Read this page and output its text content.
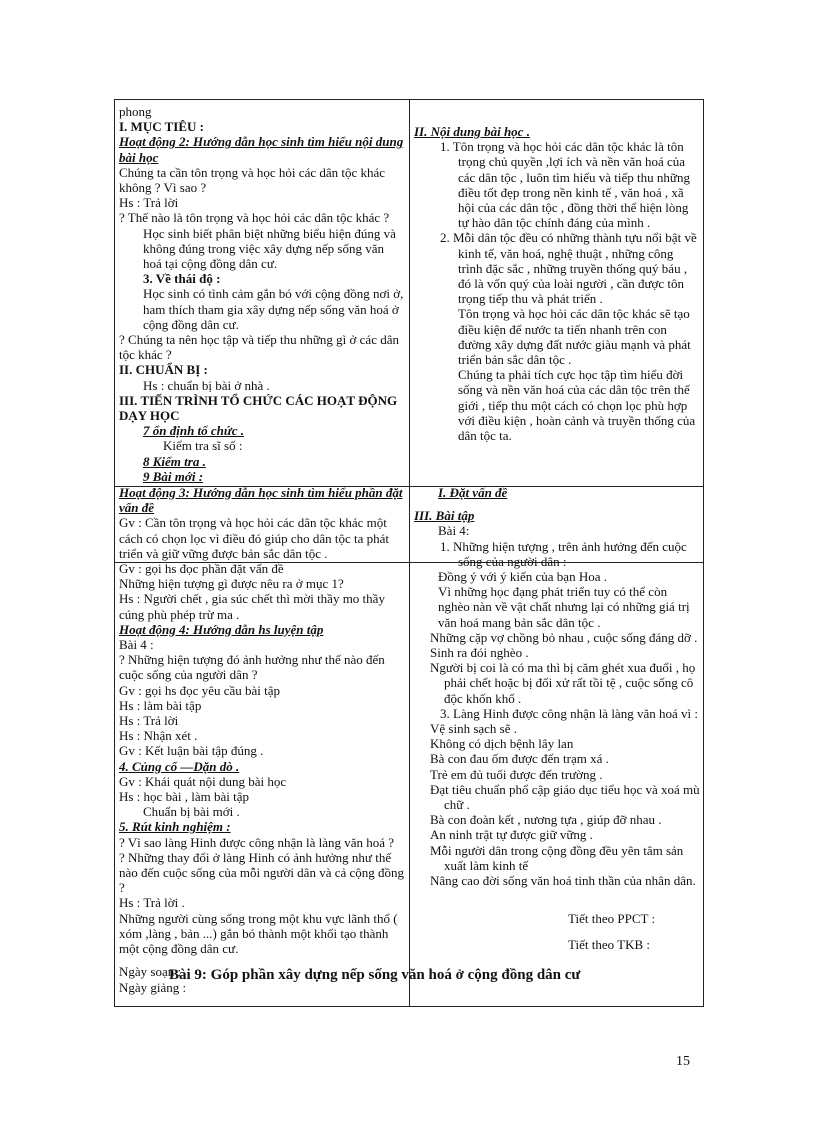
phong

I. MỤC TIÊU :

Hoạt động 2: Hướng dẫn học sinh tìm hiểu nội dung bài học

Chúng ta cần tôn trọng và học hỏi các dân tộc khác không ? Vì sao ?

Hs : Trả lời

? Thế nào là tôn trọng và học hỏi các dân tộc khác ?

Học sinh biết phân biệt những biểu hiện đúng và không đúng trong việc xây dựng nếp sống văn hoá tại cộng đồng dân cư.

3. Về thái độ :

Học sinh có tình cảm gắn bó với cộng đồng nơi ở, ham thích tham gia xây dựng nếp sống văn hoá ở cộng đồng dân cư.

? Chúng ta nên học tập và tiếp thu những gì ở các dân tộc khác ?

II. CHUẨN BỊ :

Hs : chuẩn bị bài ở nhà .

III. TIẾN TRÌNH TỔ CHỨC CÁC HOẠT ĐỘNG DẠY HỌC

7 ổn định tổ chức .

Kiểm tra sĩ số :

8 Kiểm tra .

9 Bài mới :

II. Nội dung bài học .

1. Tôn trọng và học hỏi các dân tộc khác là tôn trọng chủ quyền ,lợi ích và nền văn hoá của các dân tộc , luôn tìm hiểu và tiếp thu những điều tốt đẹp trong nền kinh tế , văn hoá , xã hội của các dân tộc , đồng thời thể hiện lòng tự hào dân tộc chính đáng của mình .

2. Mỗi dân tộc đều có những thành tựu nổi bật về kinh tế, văn hoá, nghệ thuật , những công trình đặc sắc , những truyền thống quý báu , đó là vốn quý của loài người , cần được tôn trọng tiếp thu và phát triển .

Tôn trọng và học hỏi các dân tộc khác sẽ tạo điều kiện để nước ta tiến nhanh trên con đường xây dựng đất nước giàu mạnh và phát triển bản sắc dân tộc .

Chúng ta phải tích cực học tập tìm hiểu đời sống và nền văn hoá của các dân tộc trên thế giới , tiếp thu một cách có chọn lọc phù hợp với điều kiện , hoàn cảnh và truyền thống của dân tộc ta.

Hoạt động 3: Hướng dẫn học sinh tìm hiểu phần đặt vấn đề

Gv : Cần tôn trọng và học hỏi các dân tộc khác một cách có chọn lọc vì điều đó giúp cho dân tộc ta phát triển và giữ vững được bản sắc dân tộc .

Gv : gọi hs đọc phần đặt vấn đề

Những hiện tượng gì được nêu ra ở mục 1?

Hs : Người chết , gia súc chết thì mời thầy mo thầy cúng phù phép trừ ma .

Hoạt động 4: Hướng dẫn hs luyện tập

Bài 4 :

? Những hiện tượng đó ảnh hưởng như thế nào đến cuộc sống của người dân ?

Gv : gọi hs đọc yêu cầu bài tập

Hs : làm bài tập

Hs : Trả lời

Hs : Nhận xét .

Gv : Kết luận bài tập đúng .

4. Củng cố —Dặn dò .

Gv : Khái quát nội dung bài học

Hs : học bài , làm bài tập

Chuẩn bị bài mới .

5. Rút kinh nghiệm :

? Vì sao làng Hinh được công nhận là làng văn hoá ?

? Những thay đổi ở làng Hinh có ảnh hưởng như thế nào đến cuộc sống của mỗi người dân và cả cộng đồng ?

Hs : Trả lời .

Những người cùng sống trong một khu vực lãnh thổ ( xóm ,làng , bản ...) gắn bó thành một khối tạo thành một cộng đồng dân cư.

Ngày soạn :

Ngày giảng :

I. Đặt vấn đề

III. Bài tập

Bài 4:

1. Những hiện tượng , trên ảnh hưởng đến cuộc sống của người dân :

Đồng ý với ý kiến của bạn Hoa .

Vì những học đạng phát triển tuy có thể còn nghèo nàn về vật chất nhưng lại có những giá trị văn hoá mang bản sắc dân tộc .

Những cặp vợ chồng bỏ nhau , cuộc sống đáng dỡ .

Sinh ra đói nghèo .

Người bị coi là có ma thì bị căm ghét xua đuổi , họ phải chết hoặc bị đối xử rất tồi tệ , cuộc sống cô độc khốn khổ .

3. Làng Hinh được công nhận là làng văn hoá vì :

Vệ sinh sạch sẽ .

Không có dịch bệnh lây lan

Bà con đau ốm được đến trạm xá .

Trẻ em đủ tuổi được đến trường .

Đạt tiêu chuẩn phổ cập giáo dục tiểu học và xoá mù chữ .

Bà con đoàn kết , nương tựa , giúp đỡ nhau .

An ninh trật tự được giữ vững .

Mỗi người dân trong cộng đồng đều yên tâm sản xuất làm kinh tế

Nâng cao đời sống văn hoá tinh thần của nhân dân.

Tiết theo PPCT :
Tiết theo TKB :
Bài 9: Góp phần xây dựng nếp sống văn hoá ở cộng đồng dân cư
15
